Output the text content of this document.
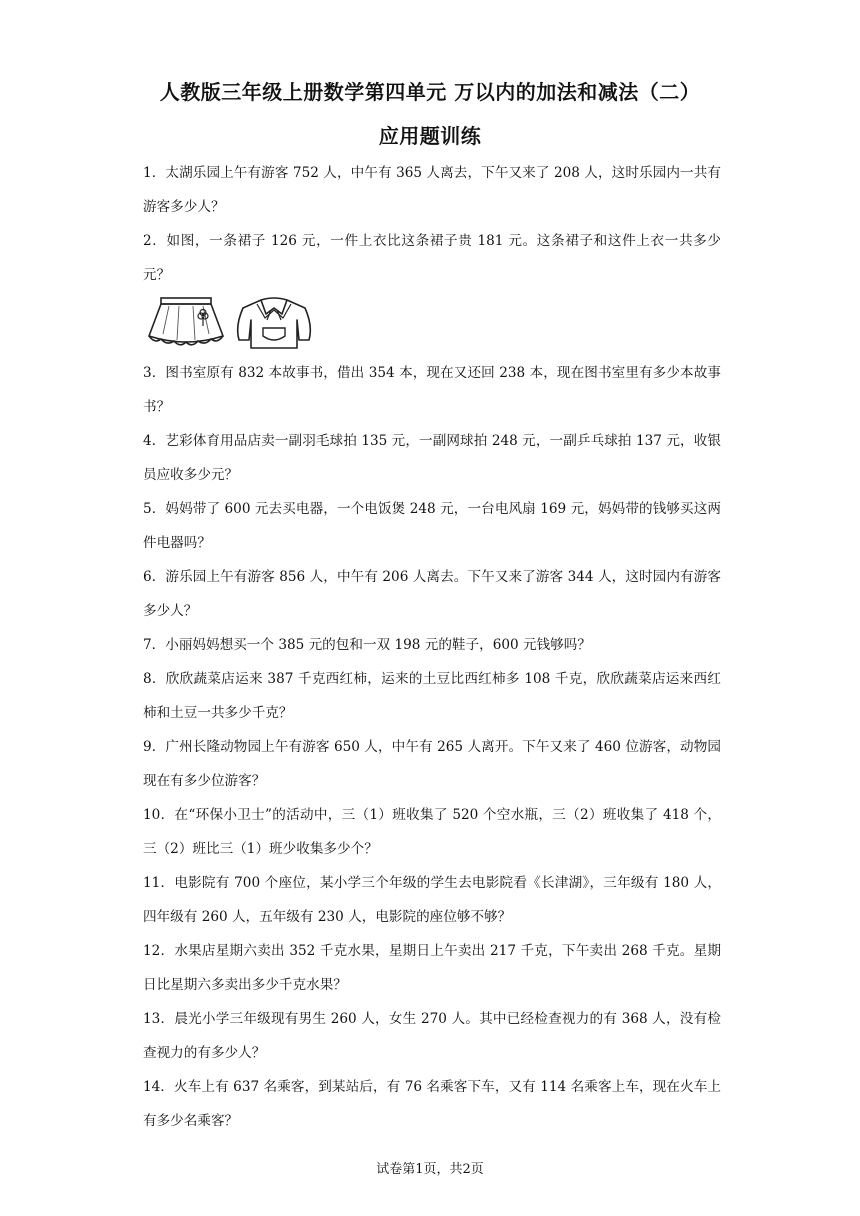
人教版三年级上册数学第四单元 万以内的加法和减法（二）
应用题训练

1．太湖乐园上午有游客 752 人，中午有 365 人离去，下午又来了 208 人，这时乐园内一共有游客多少人？

2．如图，一条裙子 126 元，一件上衣比这条裙子贵 181 元。这条裙子和这件上衣一共多少元？

3．图书室原有 832 本故事书，借出 354 本，现在又还回 238 本，现在图书室里有多少本故事书？

4．艺彩体育用品店卖一副羽毛球拍 135 元，一副网球拍 248 元，一副乒乓球拍 137 元，收银员应收多少元？

5．妈妈带了 600 元去买电器，一个电饭煲 248 元，一台电风扇 169 元，妈妈带的钱够买这两件电器吗？

6．游乐园上午有游客 856 人，中午有 206 人离去。下午又来了游客 344 人，这时园内有游客多少人？

7．小丽妈妈想买一个 385 元的包和一双 198 元的鞋子，600 元钱够吗？

8．欣欣蔬菜店运来 387 千克西红柿，运来的土豆比西红柿多 108 千克，欣欣蔬菜店运来西红柿和土豆一共多少千克？

9．广州长隆动物园上午有游客 650 人，中午有 265 人离开。下午又来了 460 位游客，动物园现在有多少位游客？

10．在“环保小卫士”的活动中，三（1）班收集了 520 个空水瓶，三（2）班收集了 418 个，三（2）班比三（1）班少收集多少个？

11．电影院有 700 个座位，某小学三个年级的学生去电影院看《长津湖》，三年级有 180 人，四年级有 260 人，五年级有 230 人，电影院的座位够不够？

12．水果店星期六卖出 352 千克水果，星期日上午卖出 217 千克，下午卖出 268 千克。星期日比星期六多卖出多少千克水果？

13．晨光小学三年级现有男生 260 人，女生 270 人。其中已经检查视力的有 368 人，没有检查视力的有多少人？

14．火车上有 637 名乘客，到某站后，有 76 名乘客下车，又有 114 名乘客上车，现在火车上有多少名乘客？

试卷第1页，共2页
